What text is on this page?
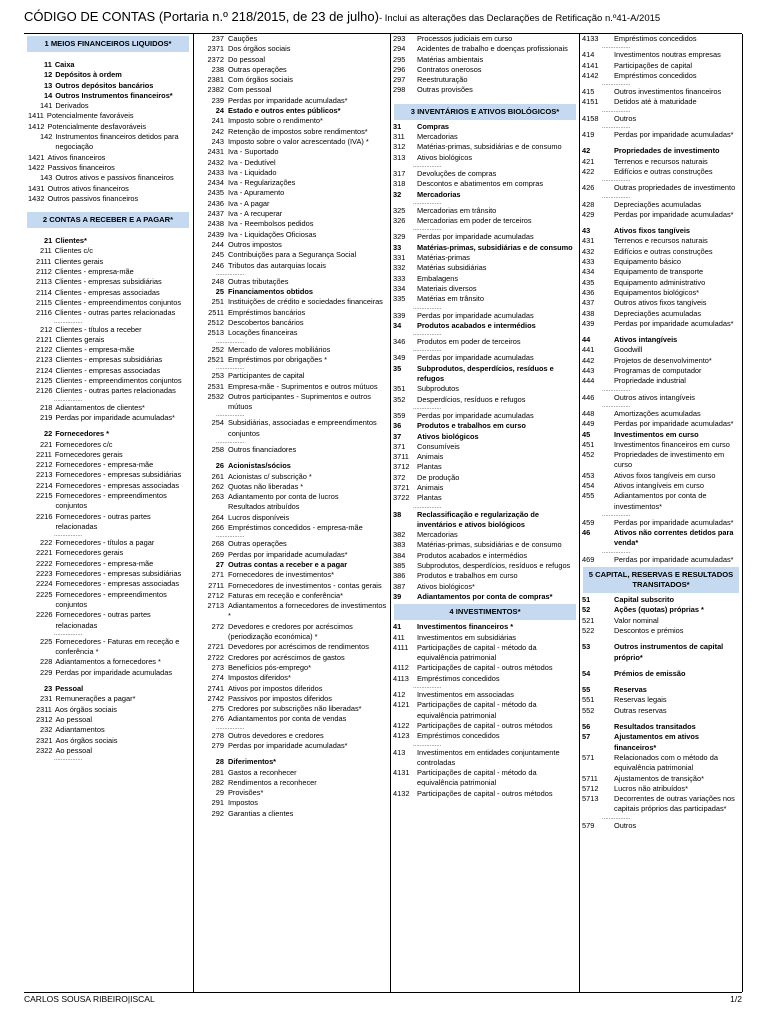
CÓDIGO DE CONTAS (Portaria n.º 218/2015, de 23 de julho)- Inclui as alterações das Declarações de Retificação n.º41-A/2015
1 MEIOS FINANCEIROS LIQUIDOS*
11 Caixa
12 Depósitos à ordem
13 Outros depósitos bancários
14 Outros Instrumentos financeiros*
141 Derivados
1411 Potencialmente favoráveis
1412 Potencialmente desfavoráveis
142 Instrumentos financeiros detidos para negociação
1421 Ativos financeiros
1422 Passivos financeiros
143 Outros ativos e passivos financeiros
1431 Outros ativos financeiros
1432 Outros passivos financeiros
2 CONTAS A RECEBER E A PAGAR*
21 Clientes*
211 Clientes c/c
2111 Clientes gerais
2112 Clientes - empresa-mãe
2113 Clientes - empresas subsidiárias
2114 Clientes - empresas associadas
2115 Clientes - empreendimentos conjuntos
2116 Clientes - outras partes relacionadas
.................
212 Clientes - títulos a receber
2121 Clientes gerais
2122 Clientes - empresa-mãe
2123 Clientes - empresas subsidiárias
2124 Clientes - empresas associadas
2125 Clientes - empreendimentos conjuntos
2126 Clientes - outras partes relacionadas
.................
218 Adiantamentos de clientes*
219 Perdas por imparidade acumuladas*
22 Fornecedores *
221 Fornecedores c/c
2211 Fornecedores gerais
2212 Fornecedores - empresa-mãe
2213 Fornecedores - empresas subsidiárias
2214 Fornecedores - empresas associadas
2215 Fornecedores - empreendimentos conjuntos
2216 Fornecedores - outras partes relacionadas
.................
222 Fornecedores - títulos a pagar
2221 Fornecedores gerais
2222 Fornecedores - empresa-mãe
2223 Fornecedores - empresas subsidiárias
2224 Fornecedores - empresas associadas
2225 Fornecedores - empreendimentos conjuntos
2226 Fornecedores - outras partes relacionadas
.................
225 Fornecedores - Faturas em receção e conferência *
228 Adiantamentos a fornecedores *
229 Perdas por imparidade acumuladas
23 Pessoal
231 Remunerações a pagar*
2311 Aos órgãos sociais
2312 Ao pessoal
232 Adiantamentos
2321 Aos órgãos sociais
2322 Ao pessoal
.................
237 Cauções
2371 Dos órgãos sociais
2372 Do pessoal
238 Outras operações
2381 Com órgãos sociais
2382 Com pessoal
239 Perdas por imparidade acumuladas*
24 Estado e outros entes públicos*
241 Imposto sobre o rendimento*
242 Retenção de impostos sobre rendimentos*
243 Imposto sobre o valor acrescentado (IVA) *
2431 Iva - Suportado
2432 Iva - Dedutível
2433 Iva - Liquidado
2434 Iva - Regularizações
2435 Iva - Apuramento
2436 Iva - A pagar
2437 Iva - A recuperar
2438 Iva - Reembolsos pedidos
2439 Iva - Liquidações Oficiosas
244 Outros impostos
245 Contribuições para a Segurança Social
246 Tributos das autarquias locais
.................
248 Outras tributações
25 Financiamentos obtidos
251 Instituições de crédito e sociedades financeiras
2511 Empréstimos bancários
2512 Descobertos bancários
2513 Locações financeiras
.................
252 Mercado de valores mobiliários
2521 Empréstimos por obrigações *
.................
253 Participantes de capital
2531 Empresa-mãe - Suprimentos e outros mútuos
2532 Outros participantes - Suprimentos e outros mútuos
.................
254 Subsidiárias, associadas e empreendimentos conjuntos
.................
258 Outros financiadores
26 Acionistas/sócios
261 Acionistas c/ subscrição *
262 Quotas não liberadas *
263 Adiantamento por conta de lucros
Resultados atribuídos
264 Lucros disponíveis
266 Empréstimos concedidos - empresa-mãe
.................
268 Outras operações
269 Perdas por imparidade acumuladas*
27 Outras contas a receber e a pagar
271 Fornecedores de investimentos*
2711 Fornecedores de investimentos - contas gerais
2712 Faturas em receção e conferência*
2713 Adiantamentos a fornecedores de investimentos *
272 Devedores e credores por acréscimos (periodização económica) *
2721 Devedores por acréscimos de rendimentos
2722 Credores por acréscimos de gastos
273 Benefícios pós-emprego*
274 Impostos diferidos*
2741 Ativos por impostos diferidos
2742 Passivos por impostos diferidos
275 Credores por subscrições não liberadas*
276 Adiantamentos por conta de vendas
.................
278 Outros devedores e credores
279 Perdas por imparidade acumuladas*
28 Diferimentos*
281 Gastos a reconhecer
282 Rendimentos a reconhecer
29 Provisões*
291 Impostos
292 Garantias a clientes
293	Processos judiciais em curso
294	Acidentes de trabalho e doenças profissionais
295	Matérias ambientais
296	Contratos onerosos
297	Reestruturação
298	Outras provisões
3 INVENTÁRIOS E ATIVOS BIOLÓGICOS*
31	Compras
311	Mercadorias
312	Matérias-primas, subsidiárias e de consumo
313	Ativos biológicos
.................
317	Devoluções de compras
318	Descontos e abatimentos em compras
32	Mercadorias
.................
325	Mercadorias em trânsito
326	Mercadorias em poder de terceiros
.................
329	Perdas por imparidade acumuladas
33	Matérias-primas, subsidiárias e de consumo
331	Matérias-primas
332	Matérias subsidiárias
333	Embalagens
334	Materiais diversos
335	Matérias em trânsito
.................
339	Perdas por imparidade acumuladas
34	Produtos acabados e intermédios
.................
346	Produtos em poder de terceiros
.................
349	Perdas por imparidade acumuladas
35	Subprodutos, desperdícios, resíduos e refugos
351	Subprodutos
352	Desperdícios, resíduos e refugos
.................
359	Perdas por imparidade acumuladas
36	Produtos e trabalhos em curso
37	Ativos biológicos
371	Consumíveis
3711 Animais
3712 Plantas
372	De produção
3721 Animais
3722 Plantas
.................
38	Reclassificação e regularização de inventários e ativos biológicos
382	Mercadorias
383	Matérias-primas, subsidiárias e de consumo
384	Produtos acabados e intermédios
385	Subprodutos, desperdícios, resíduos e refugos
386	Produtos e trabalhos em curso
387	Ativos biológicos*
39	Adiantamentos por conta de compras*
4 INVESTIMENTOS*
41	Investimentos financeiros *
411	Investimentos em subsidiárias
4111	Participações de capital - método da equivalência patrimonial
4112 Participações de capital - outros métodos
4113 Empréstimos concedidos
.................
412	Investimentos em associadas
4121 Participações de capital - método da equivalência patrimonial
4122 Participações de capital - outros métodos
4123 Empréstimos concedidos
.................
413	Investimentos em entidades conjuntamente controladas
4131 Participações de capital - método da equivalência patrimonial
4132 Participações de capital - outros métodos
4133	Empréstimos concedidos
.................
414	Investimentos noutras empresas
4141	Participações de capital
4142	Empréstimos concedidos
.................
415	Outros investimentos financeiros
4151	Detidos até à maturidade
.................
4158	Outros
.................
419	Perdas por imparidade acumuladas*
42	Propriedades de investimento
421	Terrenos e recursos naturais
422	Edifícios e outras construções
.................
426	Outras propriedades de investimento
.................
428	Depreciações acumuladas
429	Perdas por imparidade acumuladas*
43	Ativos fixos tangíveis
431	Terrenos e recursos naturais
432	Edifícios e outras construções
433	Equipamento básico
434	Equipamento de transporte
435	Equipamento administrativo
436	Equipamentos biológicos*
437	Outros ativos fixos tangíveis
438	Depreciações acumuladas
439	Perdas por imparidade acumuladas*
44	Ativos intangíveis
441	Goodwill
442	Projetos de desenvolvimento*
443	Programas de computador
444	Propriedade industrial
.................
446	Outros ativos intangíveis
.................
448	Amortizações acumuladas
449	Perdas por imparidade acumuladas*
45	Investimentos em curso
451	Investimentos financeiros em curso
452	Propriedades de investimento em curso
453	Ativos fixos tangíveis em curso
454	Ativos intangíveis em curso
455	Adiantamentos por conta de investimentos*
.................
459	Perdas por imparidade acumuladas*
46	Ativos não correntes detidos para venda*
.................
469	Perdas por imparidade acumuladas*
5 CAPITAL, RESERVAS E RESULTADOS TRANSITADOS*
51	Capital subscrito
52	Ações (quotas) próprias *
521	Valor nominal
522	Descontos e prémios
53	Outros instrumentos de capital próprio*
54	Prémios de emissão
55	Reservas
551	Reservas legais
552	Outras reservas
56	Resultados transitados
57	Ajustamentos em ativos financeiros*
571	Relacionados com o método da equivalência patrimonial
5711	Ajustamentos de transição*
5712	Lucros não atribuídos*
5713	Decorrentes de outras variações nos capitais próprios das participadas*
.................
579	Outros
CARLOS SOUSA RIBEIRO|ISCAL	1/2
